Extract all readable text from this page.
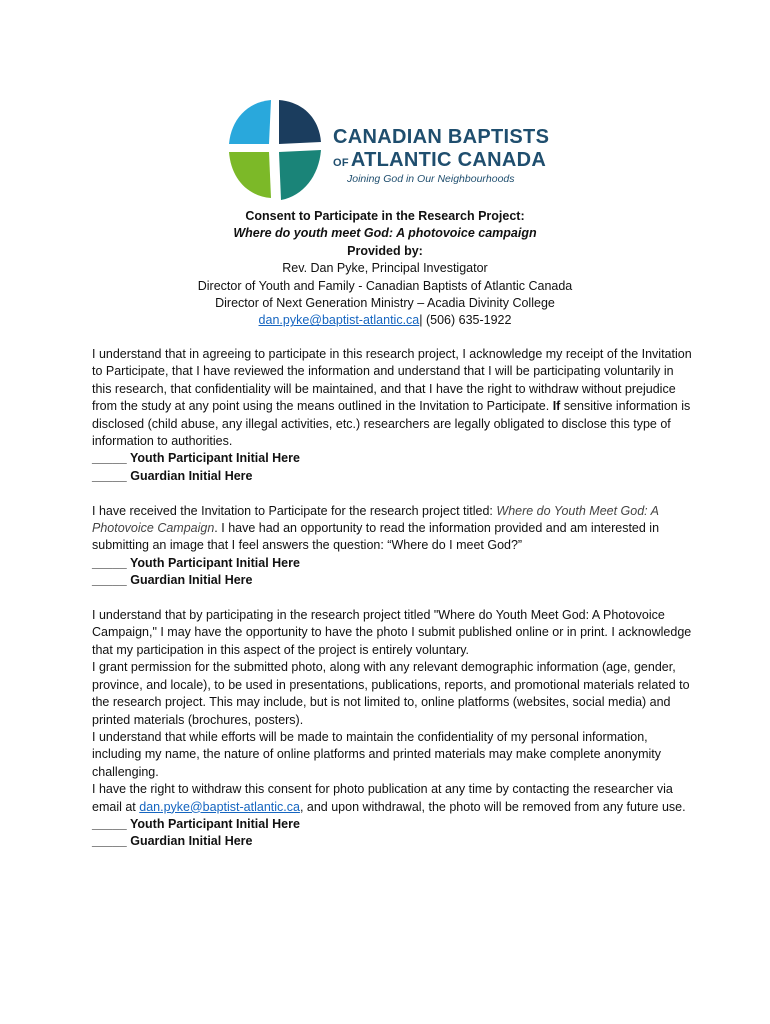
CANADIAN BAPTISTS
OF ATLANTIC CANADA
Joining God in Our Neighbourhoods
Consent to Participate in the Research Project:
Where do youth meet God: A photovoice campaign
Provided by:
Rev. Dan Pyke, Principal Investigator
Director of Youth and Family - Canadian Baptists of Atlantic Canada
Director of Next Generation Ministry – Acadia Divinity College
dan.pyke@baptist-atlantic.ca| (506) 635-1922

I understand that in agreeing to participate in this research project, I acknowledge my receipt of the Invitation to Participate, that I have reviewed the information and understand that I will be participating voluntarily in this research, that confidentiality will be maintained, and that I have the right to withdraw without prejudice from the study at any point using the means outlined in the Invitation to Participate. If sensitive information is disclosed (child abuse, any illegal activities, etc.) researchers are legally obligated to disclose this type of information to authorities.

_____ Youth Participant Initial Here

_____ Guardian Initial Here

I have received the Invitation to Participate for the research project titled: Where do Youth Meet God: A Photovoice Campaign. I have had an opportunity to read the information provided and am interested in submitting an image that I feel answers the question: “Where do I meet God?”

_____ Youth Participant Initial Here

_____ Guardian Initial Here

I understand that by participating in the research project titled "Where do Youth Meet God: A Photovoice Campaign," I may have the opportunity to have the photo I submit published online or in print. I acknowledge that my participation in this aspect of the project is entirely voluntary.

I grant permission for the submitted photo, along with any relevant demographic information (age, gender, province, and locale), to be used in presentations, publications, reports, and promotional materials related to the research project. This may include, but is not limited to, online platforms (websites, social media) and printed materials (brochures, posters).

I understand that while efforts will be made to maintain the confidentiality of my personal information, including my name, the nature of online platforms and printed materials may make complete anonymity challenging.

I have the right to withdraw this consent for photo publication at any time by contacting the researcher via email at dan.pyke@baptist-atlantic.ca, and upon withdrawal, the photo will be removed from any future use.

_____ Youth Participant Initial Here

_____ Guardian Initial Here
